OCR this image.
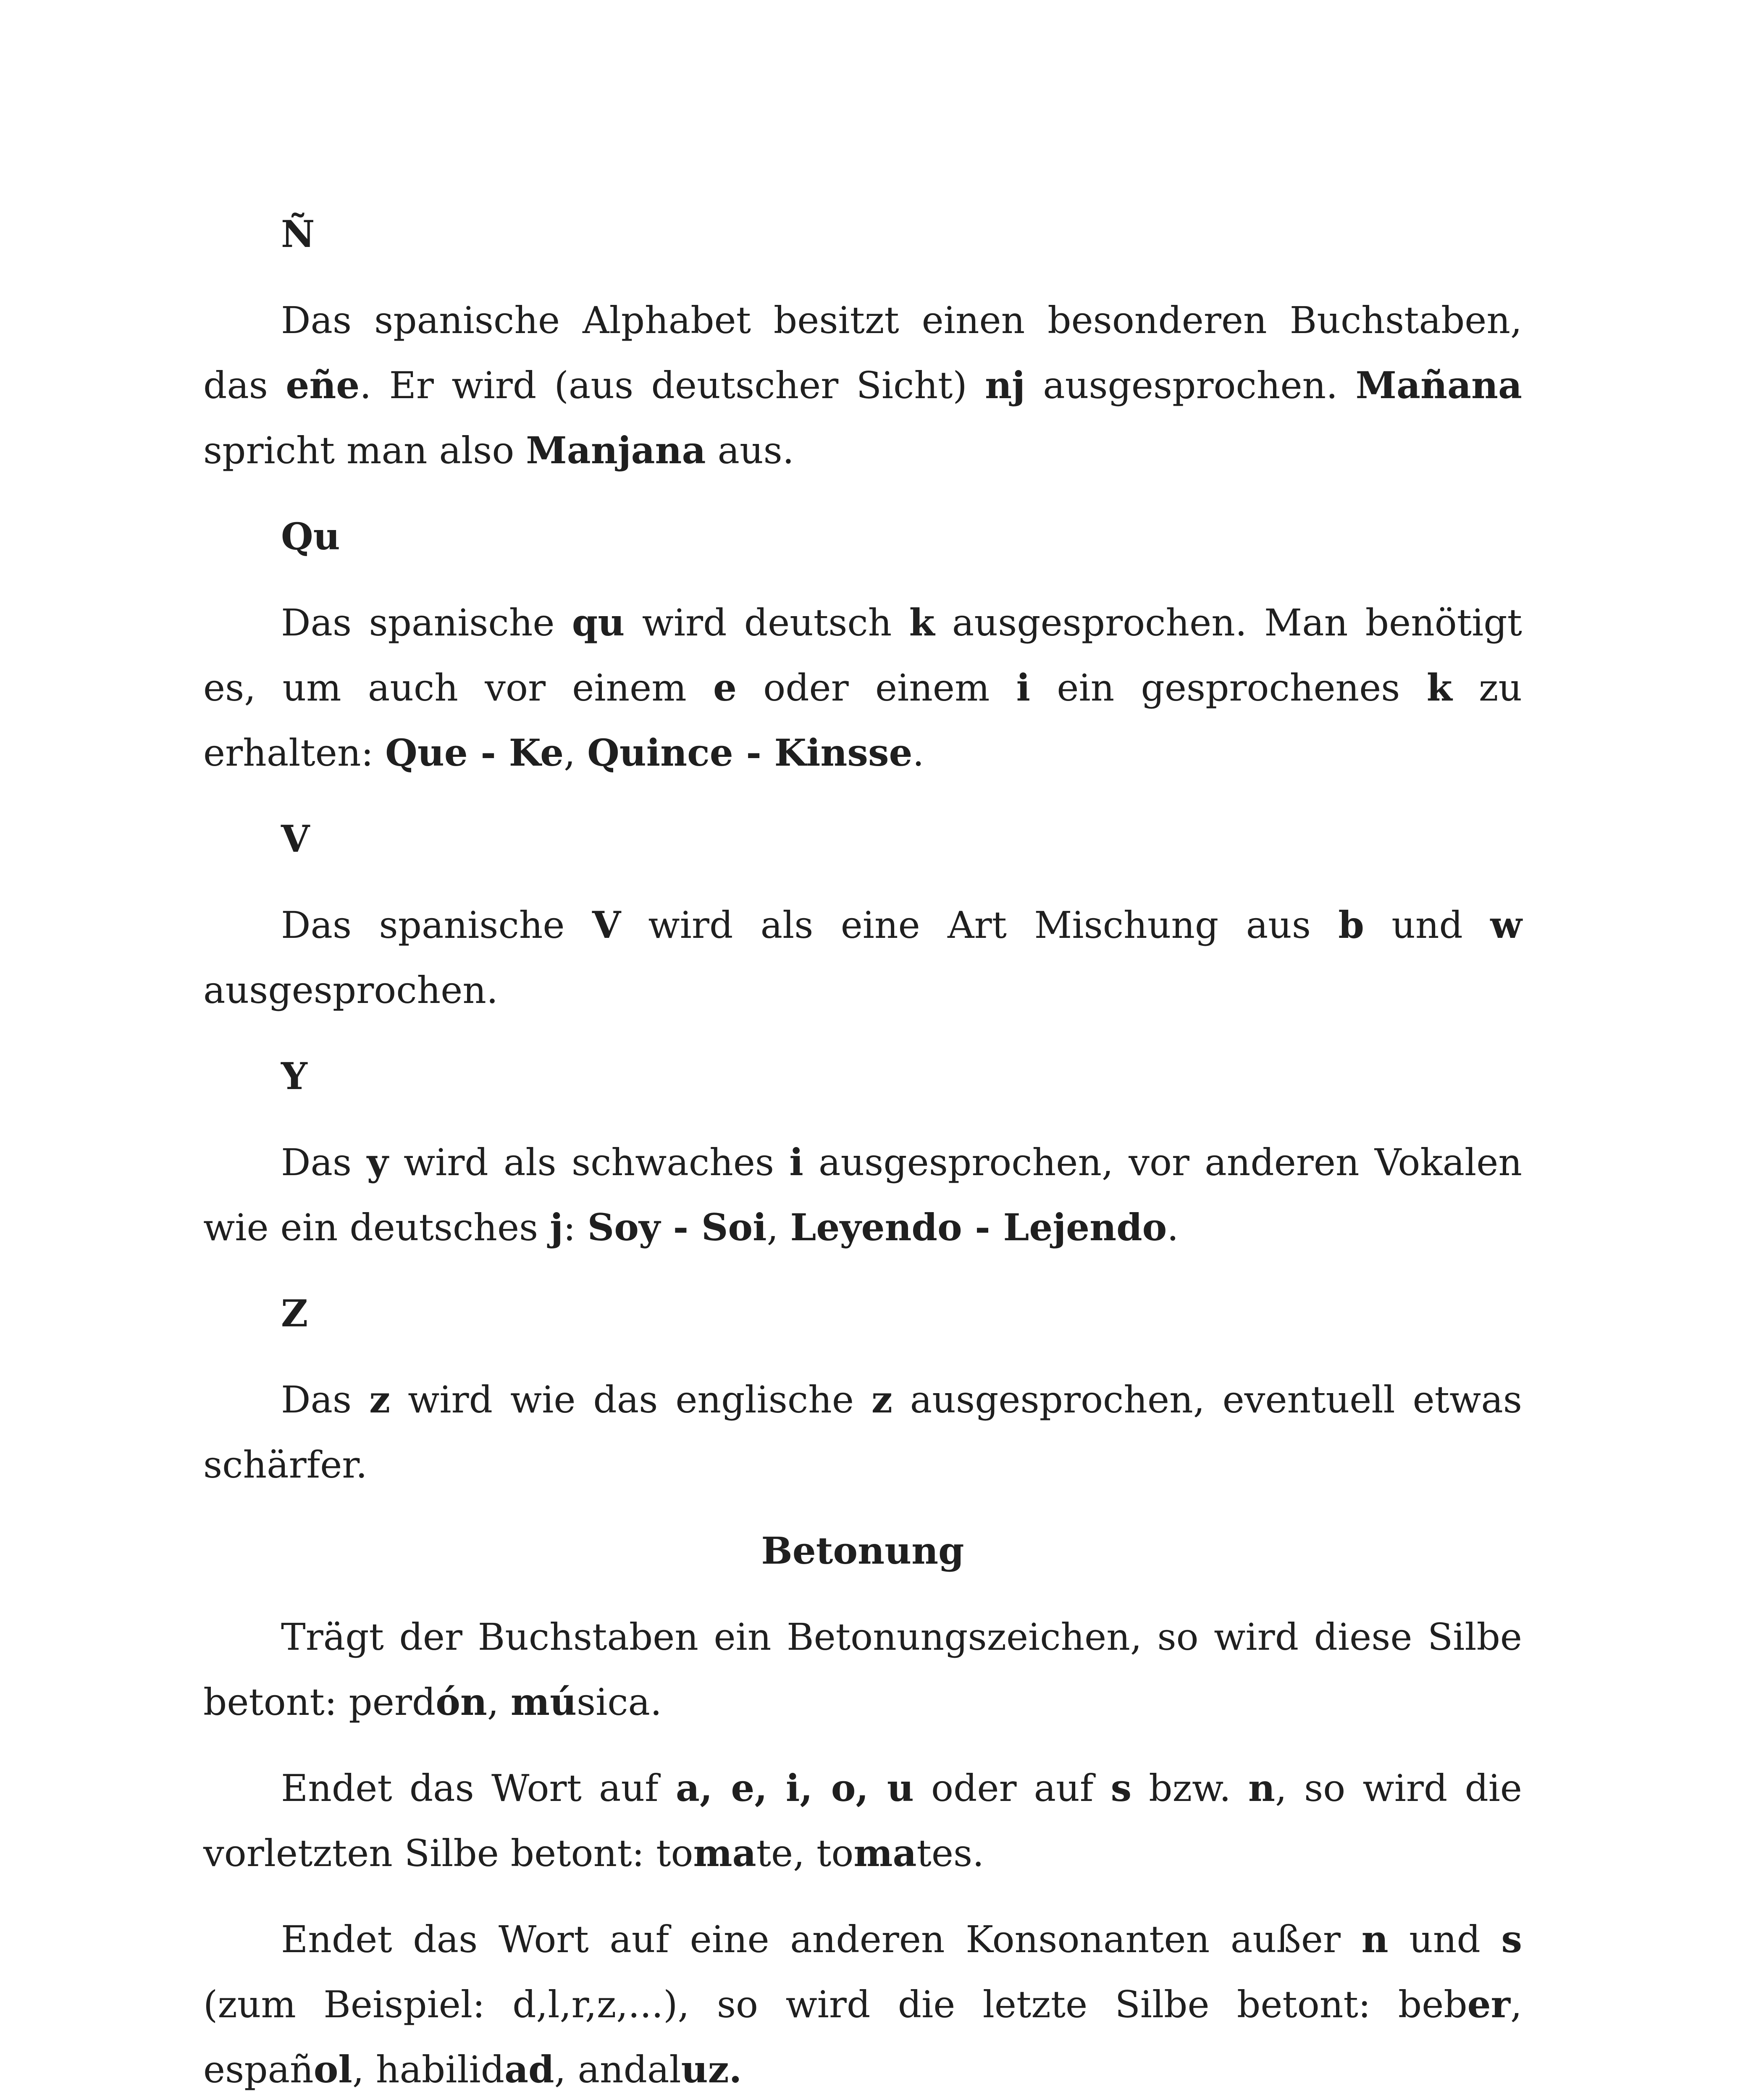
Ñ

Das spanische Alphabet besitzt einen besonderen Buchstaben, das eñe. Er wird (aus deutscher Sicht) nj ausgesprochen. Mañana spricht man also Manjana aus.

Qu

Das spanische qu wird deutsch k ausgesprochen. Man benötigt es, um auch vor einem e oder einem i ein gesprochenes k zu erhalten: Que - Ke, Quince - Kinsse.

V

Das spanische V wird als eine Art Mischung aus b und w ausgesprochen.

Y

Das y wird als schwaches i ausgesprochen, vor anderen Vokalen wie ein deutsches j: Soy - Soi, Leyendo - Lejendo.

Z

Das z wird wie das englische z ausgesprochen, eventuell etwas schärfer.

Betonung

Trägt der Buchstaben ein Betonungszeichen, so wird diese Silbe betont: perdón, música.

Endet das Wort auf a, e, i, o, u oder auf s bzw. n, so wird die vorletzten Silbe betont: tomate, tomates.

Endet das Wort auf eine anderen Konsonanten außer n und s (zum Beispiel: d,l,r,z,...), so wird die letzte Silbe betont: beber, español, habilidad, andaluz.
